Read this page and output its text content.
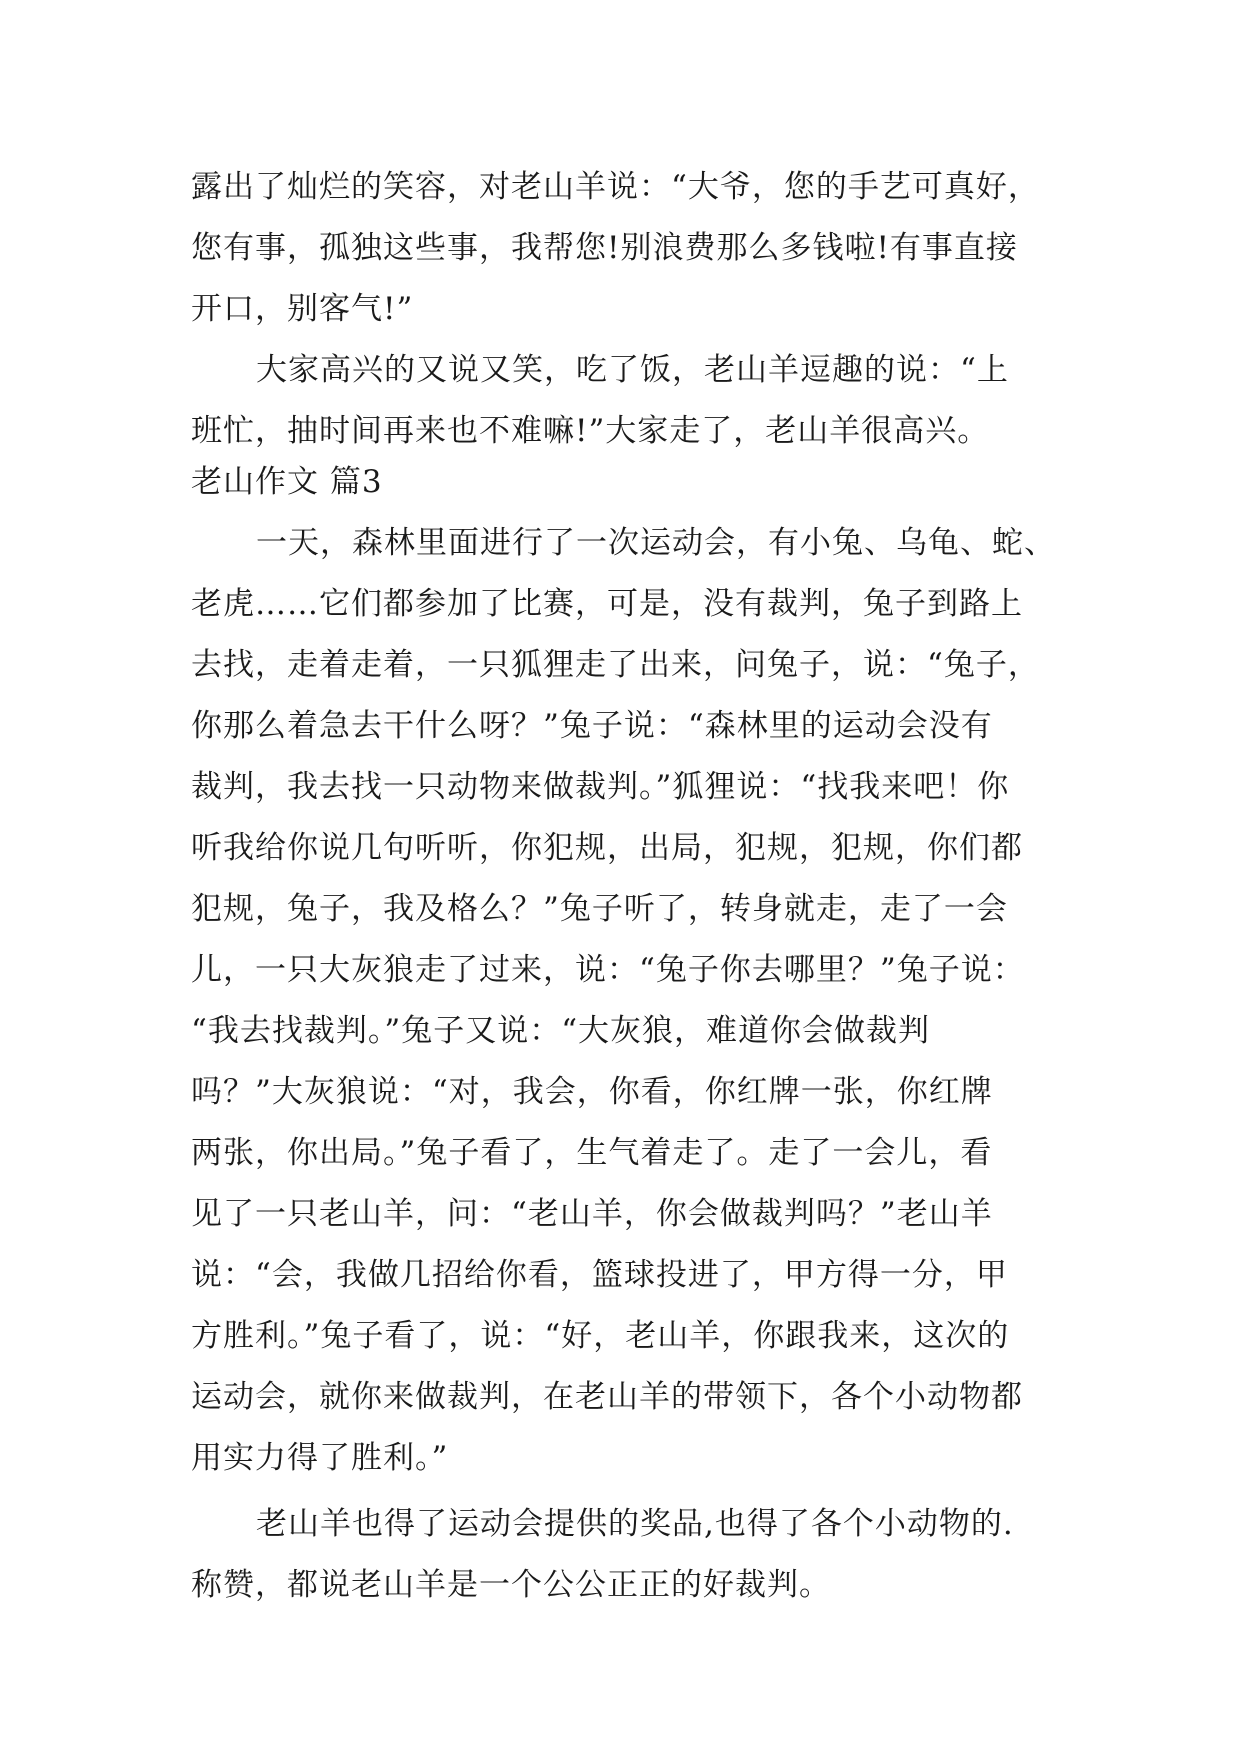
露出了灿烂的笑容，对老山羊说：“大爷，您的手艺可真好，
您有事，孤独这些事，我帮您!别浪费那么多钱啦!有事直接
开口，别客气!”
大家高兴的又说又笑，吃了饭，老山羊逗趣的说：“上
班忙，抽时间再来也不难嘛!”大家走了，老山羊很高兴。
老山作文 篇3
一天，森林里面进行了一次运动会，有小兔、乌龟、蛇、
老虎……它们都参加了比赛，可是，没有裁判，兔子到路上
去找，走着走着，一只狐狸走了出来，问兔子，说：“兔子，
你那么着急去干什么呀？”兔子说：“森林里的运动会没有
裁判，我去找一只动物来做裁判。”狐狸说：“找我来吧！你
听我给你说几句听听，你犯规，出局，犯规，犯规，你们都
犯规，兔子，我及格么？”兔子听了，转身就走，走了一会
儿，一只大灰狼走了过来，说：“兔子你去哪里？”兔子说：
“我去找裁判。”兔子又说：“大灰狼，难道你会做裁判
吗？”大灰狼说：“对，我会，你看，你红牌一张，你红牌
两张，你出局。”兔子看了，生气着走了。走了一会儿，看
见了一只老山羊，问：“老山羊，你会做裁判吗？”老山羊
说：“会，我做几招给你看，篮球投进了，甲方得一分，甲
方胜利。”兔子看了，说：“好，老山羊，你跟我来，这次的
运动会，就你来做裁判，在老山羊的带领下，各个小动物都
用实力得了胜利。”
老山羊也得了运动会提供的奖品,也得了各个小动物的.
称赞，都说老山羊是一个公公正正的好裁判。
